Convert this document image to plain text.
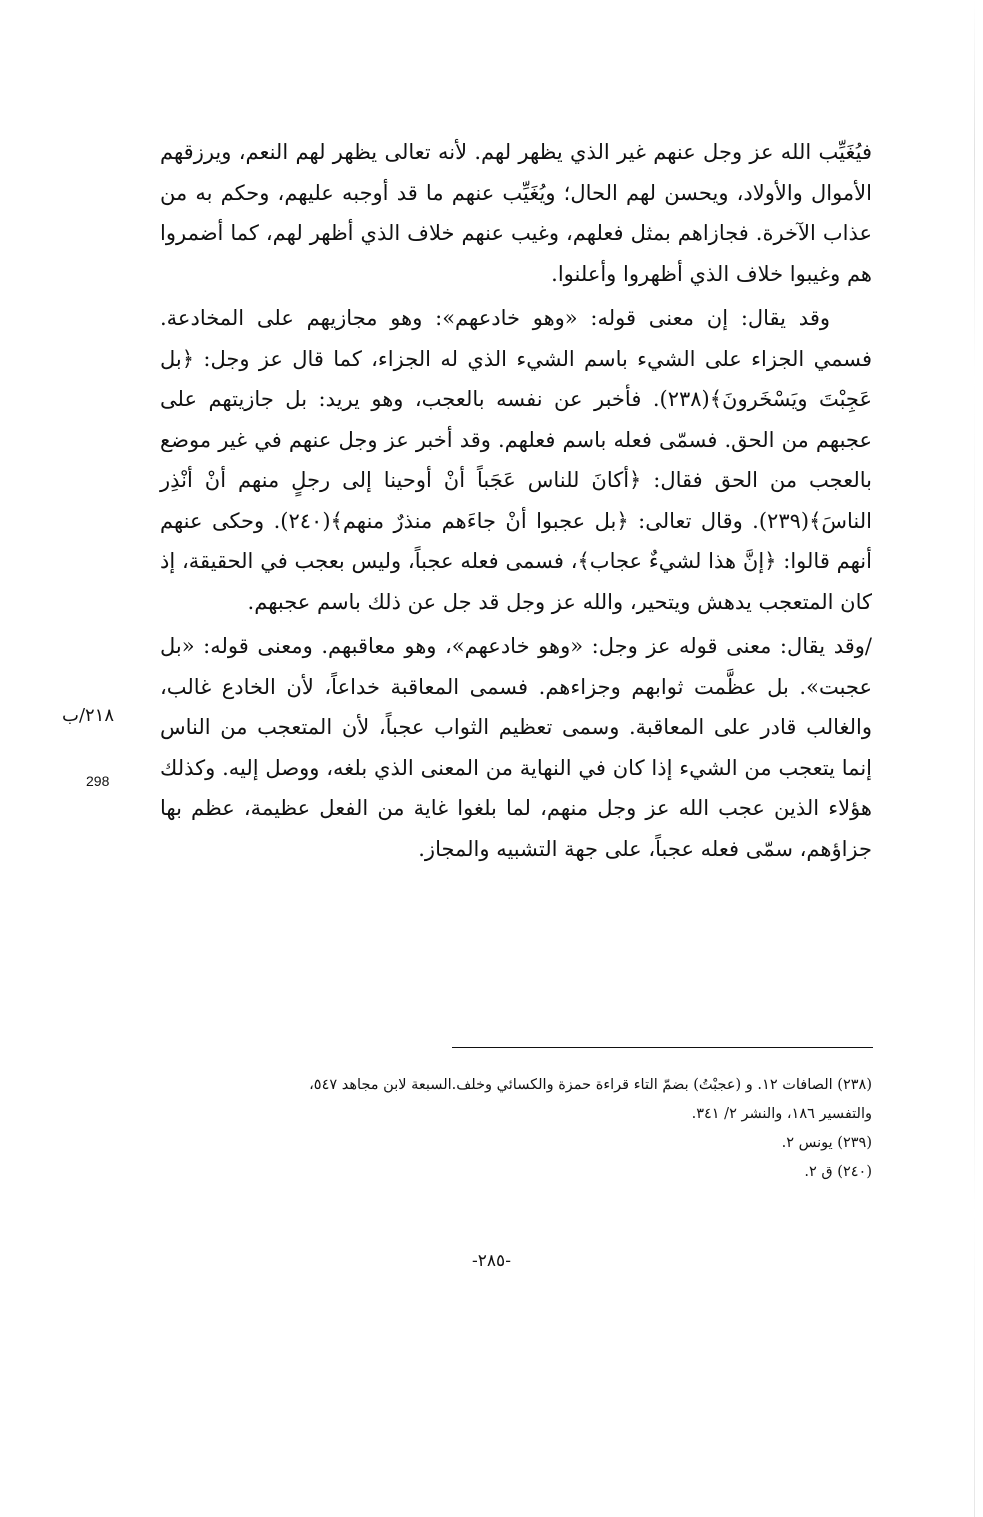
فيُغَيِّب الله عز وجل عنهم غير الذي يظهر لهم. لأنه تعالى يظهر لهم النعم، ويرزقهم الأموال والأولاد، ويحسن لهم الحال؛ ويُغَيِّب عنهم ما قد أوجبه عليهم، وحكم به من عذاب الآخرة. فجازاهم بمثل فعلهم، وغيب عنهم خلاف الذي أظهر لهم، كما أضمروا هم وغيبوا خلاف الذي أظهروا وأعلنوا.

وقد يقال: إن معنى قوله: «وهو خادعهم»: وهو مجازيهم على المخادعة. فسمي الجزاء على الشيء باسم الشيء الذي له الجزاء، كما قال عز وجل: ﴿بل عَجِبْتَ ويَسْخَرونَ﴾(٢٣٨). فأخبر عن نفسه بالعجب، وهو يريد: بل جازيتهم على عجبهم من الحق. فسمّى فعله باسم فعلهم. وقد أخبر عز وجل عنهم في غير موضع بالعجب من الحق فقال: ﴿أكانَ للناس عَجَباً أنْ أوحينا إلى رجلٍ منهم أنْ أنْذِر الناسَ﴾(٢٣٩). وقال تعالى: ﴿بل عجبوا أنْ جاءَهم منذرٌ منهم﴾(٢٤٠). وحكى عنهم أنهم قالوا: ﴿إنَّ هذا لشيءٌ عجاب﴾، فسمى فعله عجباً، وليس بعجب في الحقيقة، إذ كان المتعجب يدهش ويتحير، والله عز وجل قد جل عن ذلك باسم عجبهم.

/وقد يقال: معنى قوله عز وجل: «وهو خادعهم»، وهو معاقبهم. ومعنى قوله: «بل عجبت». بل عظَّمت ثوابهم وجزاءهم. فسمى المعاقبة خداعاً، لأن الخادع غالب، والغالب قادر على المعاقبة. وسمى تعظيم الثواب عجباً، لأن المتعجب من الناس إنما يتعجب من الشيء إذا كان في النهاية من المعنى الذي بلغه، ووصل إليه. وكذلك هؤلاء الذين عجب الله عز وجل منهم، لما بلغوا غاية من الفعل عظيمة، عظم بها جزاؤهم، سمّى فعله عجباً، على جهة التشبيه والمجاز.

٢١٨/ب
298
(٢٣٨) الصافات ١٢. و (عجبْتُ) بضمّ التاء قراءة حمزة والكسائي وخلف.السبعة لابن مجاهد ٥٤٧،
والتفسير ١٨٦، والنشر ٢/ ٣٤١.
(٢٣٩) يونس ٢.
(٢٤٠) ق ٢.
-٢٨٥-
